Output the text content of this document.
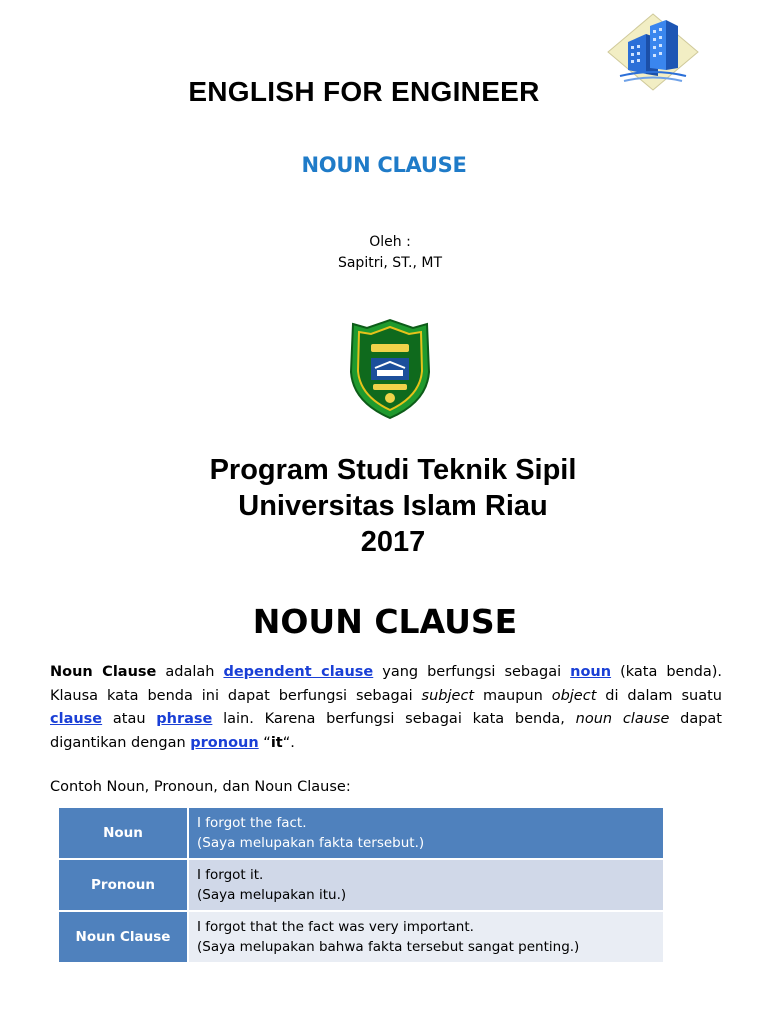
ENGLISH FOR ENGINEER
NOUN CLAUSE
Oleh :
Sapitri, ST., MT
Program Studi Teknik Sipil
Universitas Islam Riau
2017
NOUN CLAUSE
Noun Clause adalah dependent clause yang berfungsi sebagai noun (kata benda). Klausa kata benda ini dapat berfungsi sebagai subject maupun object di dalam suatu clause atau phrase lain. Karena berfungsi sebagai kata benda, noun clause dapat digantikan dengan pronoun “it“.
Contoh Noun, Pronoun, dan Noun Clause:
Noun	I forgot the fact.
(Saya melupakan fakta tersebut.)

Pronoun	I forgot it.
(Saya melupakan itu.)

Noun Clause	I forgot that the fact was very important.
(Saya melupakan bahwa fakta tersebut sangat penting.)
